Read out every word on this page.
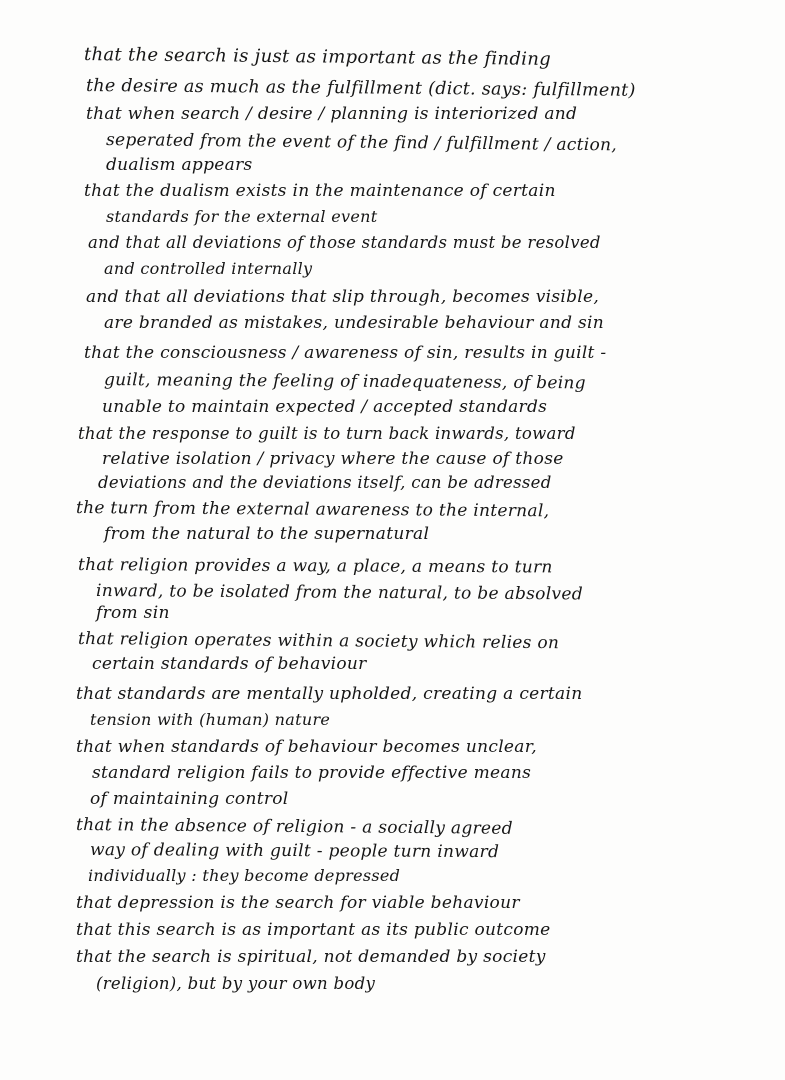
that the search is just as important as the finding
the desire as much as the fulfillment (dict. says: fulfillment)
that when search / desire / planning is interiorized and
seperated from the event of the find / fulfillment / action,
dualism appears
that the dualism exists in the maintenance of certain
standards for the external event
and that all deviations of those standards must be resolved
and controlled internally
and that all deviations that slip through, becomes visible,
are branded as mistakes, undesirable behaviour and sin
that the consciousness / awareness of sin, results in guilt -
guilt, meaning the feeling of inadequateness, of being
unable to maintain expected / accepted standards
that the response to guilt is to turn back inwards, toward
relative isolation / privacy where the cause of those
deviations and the deviations itself, can be adressed
the turn from the external awareness to the internal,
from the natural to the supernatural
that religion provides a way, a place, a means to turn
inward, to be isolated from the natural, to be absolved
from sin
that religion operates within a society which relies on
certain standards of behaviour
that standards are mentally upholded, creating a certain
tension with (human) nature
that when standards of behaviour becomes unclear,
standard religion fails to provide effective means
of maintaining control
that in the absence of religion - a socially agreed
way of dealing with guilt - people turn inward
individually : they become depressed
that depression is the search for viable behaviour
that this search is as important as its public outcome
that the search is spiritual, not demanded by society
(religion), but by your own body
